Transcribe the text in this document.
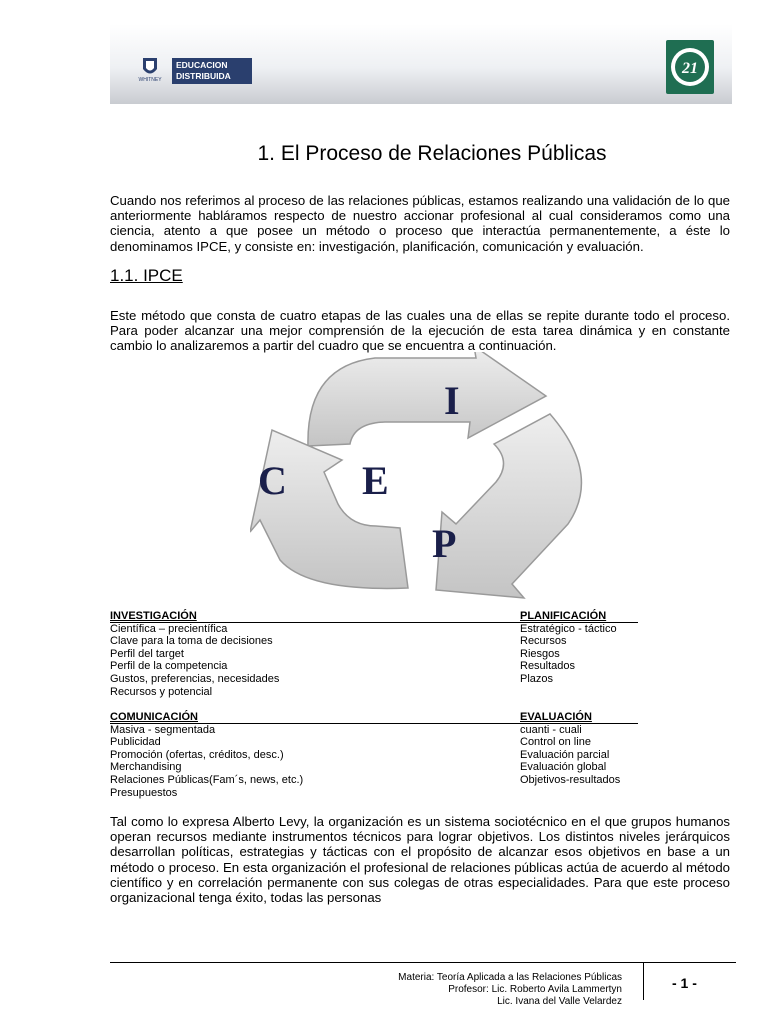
WHITNEY
EDUCACION
DISTRIBUIDA	21
1. El Proceso de Relaciones Públicas

Cuando nos referimos al proceso de las relaciones públicas, estamos realizando una validación de lo que anteriormente habláramos respecto de nuestro accionar profesional al cual consideramos como una ciencia, atento a que posee un método o proceso que interactúa permanentemente, a éste lo denominamos IPCE, y consiste en: investigación, planificación, comunicación y evaluación.

1.1. IPCE

Este método que consta de cuatro etapas de las cuales una de ellas se repite durante todo el proceso. Para poder alcanzar una mejor comprensión de la ejecución de esta tarea dinámica y en constante cambio lo analizaremos a partir del cuadro que se encuentra a continuación.

I
C E
P

INVESTIGACIÓN

Científica – precientífica

Clave para la toma de decisiones

Perfil del target

Perfil de la competencia

Gustos, preferencias, necesidades

Recursos y potencial

PLANIFICACIÓN

Estratégico - táctico

Recursos

Riesgos

Resultados

Plazos

COMUNICACIÓN

Masiva - segmentada

Publicidad

Promoción (ofertas, créditos, desc.)

Merchandising

Relaciones Públicas(Fam´s, news, etc.)

Presupuestos

EVALUACIÓN

cuanti - cuali

Control on line

Evaluación parcial

Evaluación global

Objetivos-resultados

Tal como lo expresa Alberto Levy, la organización es un sistema sociotécnico en el que grupos humanos operan recursos mediante instrumentos técnicos para lograr objetivos. Los distintos niveles jerárquicos desarrollan políticas, estrategias y tácticas con el propósito de alcanzar esos objetivos en base a un método o proceso. En esta organización el profesional de relaciones públicas actúa de acuerdo al método científico y en correlación permanente con sus colegas de otras especialidades. Para que este proceso organizacional tenga éxito, todas las personas

Materia: Teoría Aplicada a las Relaciones Públicas
Profesor: Lic. Roberto Avila Lammertyn
Lic. Ivana del Valle Velardez
- 1 -
